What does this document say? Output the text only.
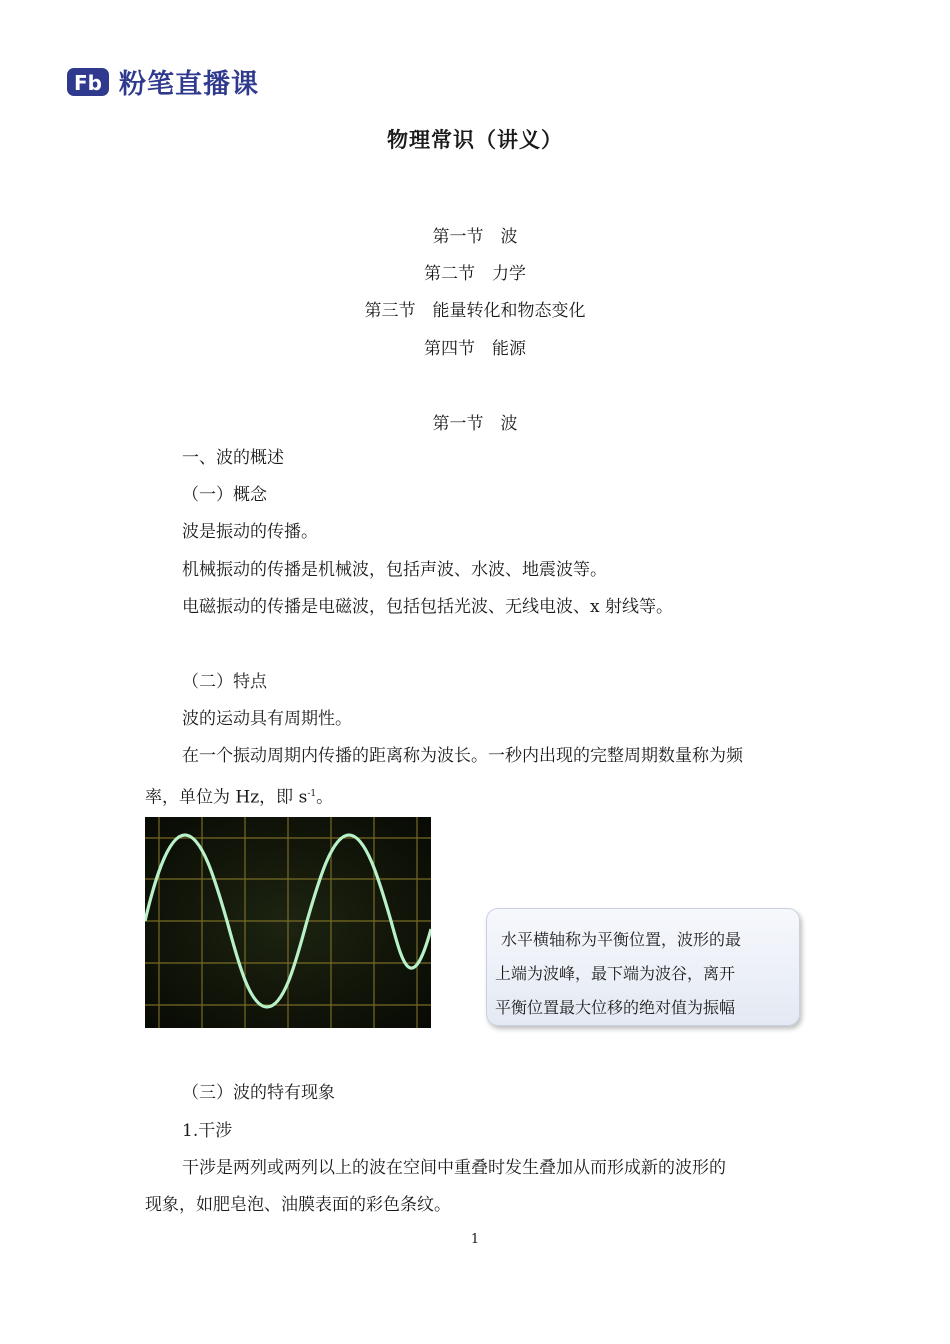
Fb 粉笔直播课
物理常识（讲义）
第一节　波
第二节　力学
第三节　能量转化和物态变化
第四节　能源
第一节　波
一、波的概述
（一）概念
波是振动的传播。
机械振动的传播是机械波，包括声波、水波、地震波等。
电磁振动的传播是电磁波，包括包括光波、无线电波、x 射线等。
（二）特点
波的运动具有周期性。
在一个振动周期内传播的距离称为波长。一秒内出现的完整周期数量称为频
率，单位为 Hz，即 $s^{-1}$。
水平横轴称为平衡位置，波形的最
上端为波峰，最下端为波谷，离开
平衡位置最大位移的绝对值为振幅
（三）波的特有现象
1.干涉
干涉是两列或两列以上的波在空间中重叠时发生叠加从而形成新的波形的
现象，如肥皂泡、油膜表面的彩色条纹。
1
